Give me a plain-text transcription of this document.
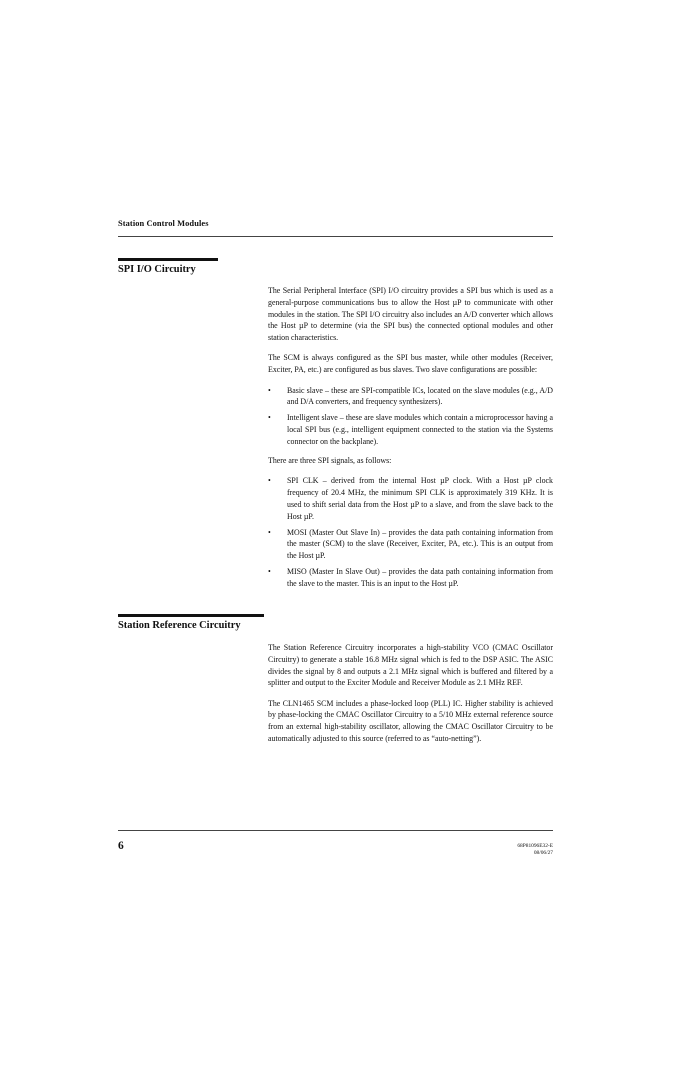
Station Control Modules
SPI I/O Circuitry

The Serial Peripheral Interface (SPI) I/O circuitry provides a SPI bus which is used as a general-purpose communications bus to allow the Host µP to communicate with other modules in the station. The SPI I/O circuitry also includes an A/D converter which allows the Host µP to determine (via the SPI bus) the connected optional modules and other station characteristics.

The SCM is always configured as the SPI bus master, while other modules (Receiver, Exciter, PA, etc.) are configured as bus slaves. Two slave configurations are possible:

• Basic slave – these are SPI-compatible ICs, located on the slave modules (e.g., A/D and D/A converters, and frequency synthesizers).
• Intelligent slave – these are slave modules which contain a microprocessor having a local SPI bus (e.g., intelligent equipment connected to the station via the Systems connector on the backplane).

There are three SPI signals, as follows:

• SPI CLK – derived from the internal Host µP clock. With a Host µP clock frequency of 20.4 MHz, the minimum SPI CLK is approximately 319 KHz. It is used to shift serial data from the Host µP to a slave, and from the slave back to the Host µP.
• MOSI (Master Out Slave In) – provides the data path containing information from the master (SCM) to the slave (Receiver, Exciter, PA, etc.). This is an output from the Host µP.
• MISO (Master In Slave Out) – provides the data path containing information from the slave to the master. This is an input to the Host µP.
Station Reference Circuitry

The Station Reference Circuitry incorporates a high-stability VCO (CMAC Oscillator Circuitry) to generate a stable 16.8 MHz signal which is fed to the DSP ASIC. The ASIC divides the signal by 8 and outputs a 2.1 MHz signal which is buffered and filtered by a splitter and output to the Exciter Module and Receiver Module as 2.1 MHz REF.

The CLN1465 SCM includes a phase-locked loop (PLL) IC. Higher stability is achieved by phase-locking the CMAC Oscillator Circuitry to a 5/10 MHz external reference source from an external high-stability oscillator, allowing the CMAC Oscillator Circuitry to be automatically adjusted to this source (referred to as “auto-netting”).

6	68P81096E32-E
08/06/27
